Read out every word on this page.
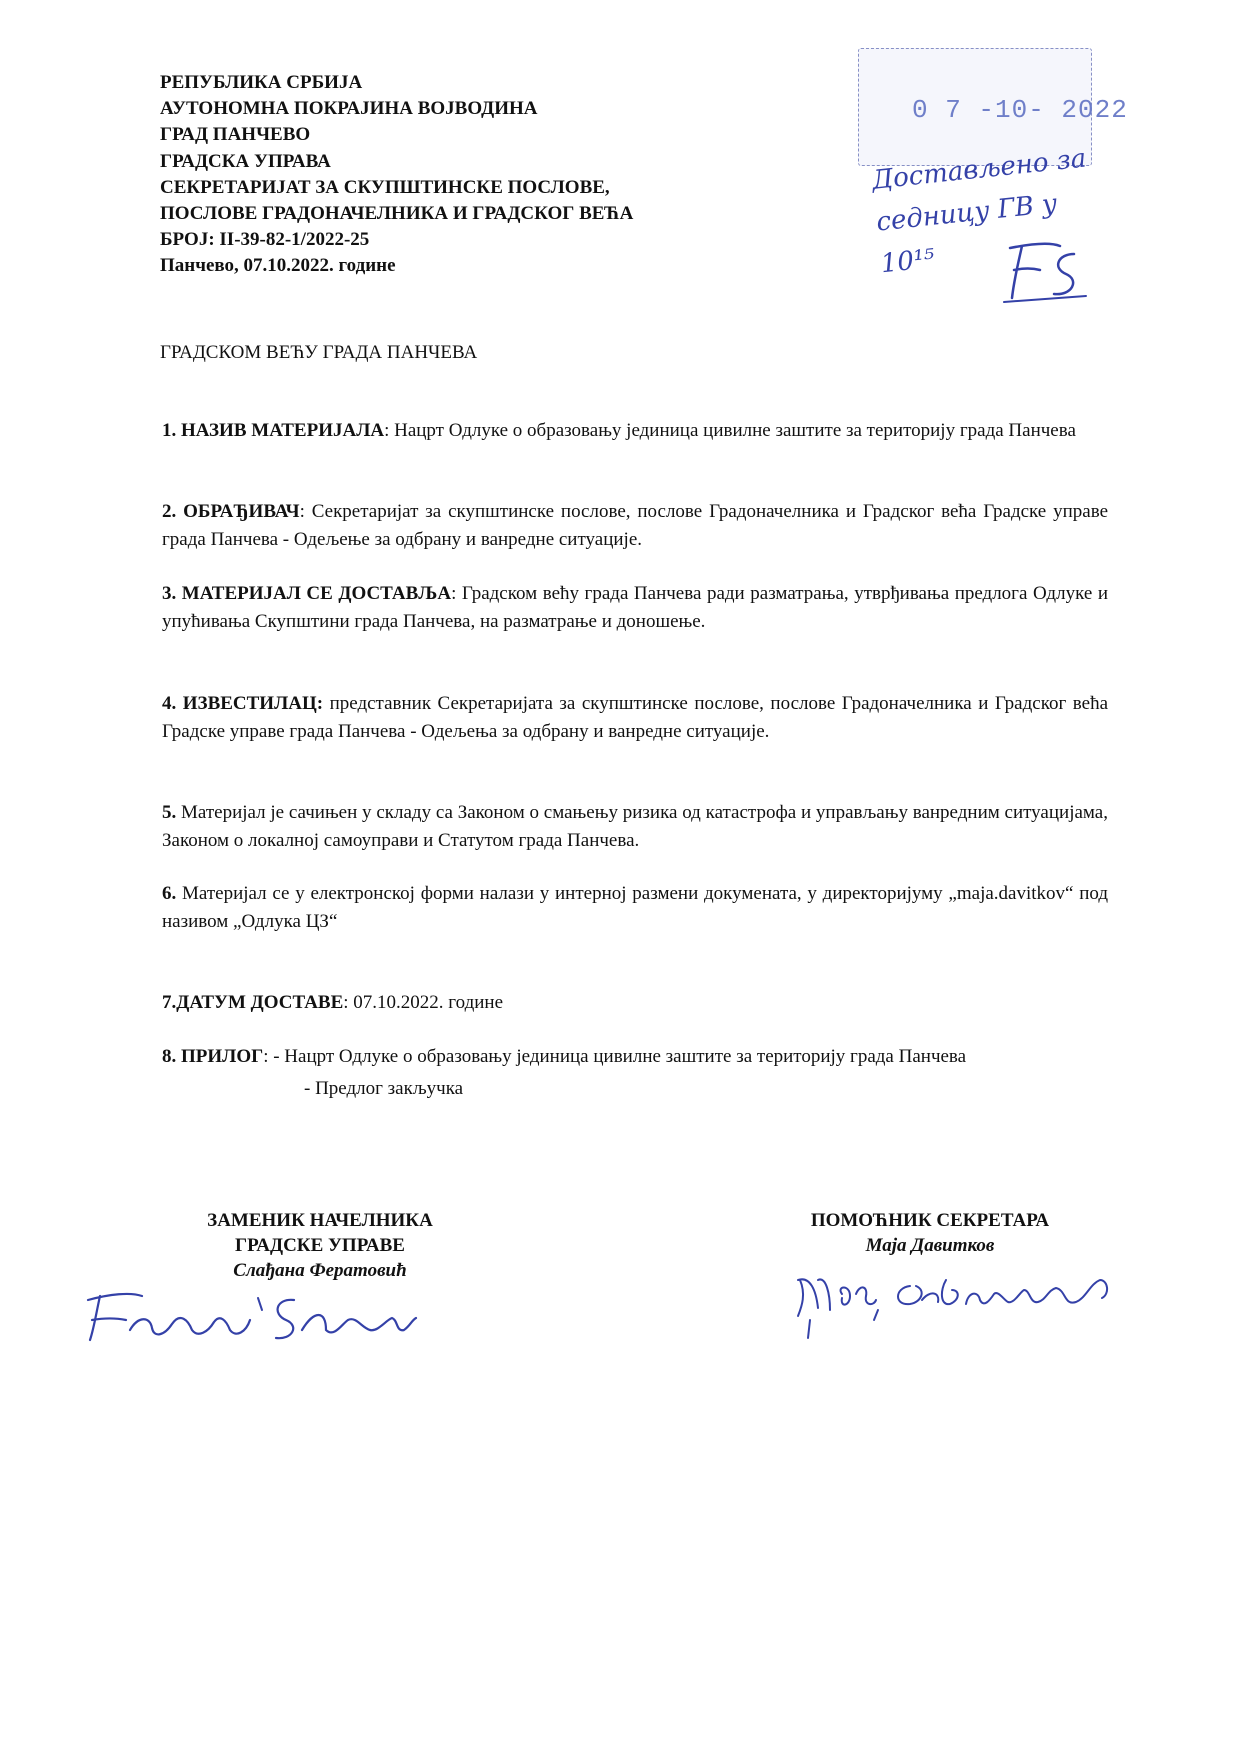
РЕПУБЛИКА СРБИЈА
АУТОНОМНА ПОКРАЈИНА ВОЈВОДИНА
ГРАД ПАНЧЕВО
ГРАДСКА УПРАВА
СЕКРЕТАРИЈАТ ЗА СКУПШТИНСКЕ ПОСЛОВЕ,
ПОСЛОВЕ ГРАДОНАЧЕЛНИКА И ГРАДСКОГ ВЕЋА
БРОЈ: II-39-82-1/2022-25
Панчево, 07.10.2022. године
0 7 -10- 2022
Достављено за
седницу ГВ у 10¹⁵
ГРАДСКОМ ВЕЋУ ГРАДА ПАНЧЕВА
1. НАЗИВ МАТЕРИЈАЛА: Нацрт Одлуке о образовању јединица цивилне заштите за територију града Панчева
2. ОБРАЂИВАЧ: Секретаријат за скупштинске послове, послове Градоначелника и Градског већа Градске управе града Панчева - Одељење за одбрану и ванредне ситуације.
3. МАТЕРИЈАЛ СЕ ДОСТАВЉА: Градском већу града Панчева ради разматрања, утврђивања предлога Одлуке и упућивања Скупштини града Панчева, на разматрање и доношење.
4. ИЗВЕСТИЛАЦ: представник Секретаријата за скупштинске послове, послове Градоначелника и Градског већа Градске управе града Панчева - Одељења за одбрану и ванредне ситуације.
5. Материјал је сачињен у складу са Законом о смањењу ризика од катастрофа и управљању ванредним ситуацијама, Законом о локалној самоуправи и Статутом града Панчева.
6. Материјал се у електронској форми налази у интерној размени докумената, у директоријуму „maja.davitkov“ под називом „Одлука ЦЗ“
7.ДАТУМ ДОСТАВЕ: 07.10.2022. године
8. ПРИЛОГ: - Нацрт Одлуке о образовању јединица цивилне заштите за територију града Панчева
- Предлог закључка
ЗАМЕНИК НАЧЕЛНИКА
ГРАДСКЕ УПРАВЕ
Слађана Фератовић
ПОМОЋНИК СЕКРЕТАРА
Маја Давитков
